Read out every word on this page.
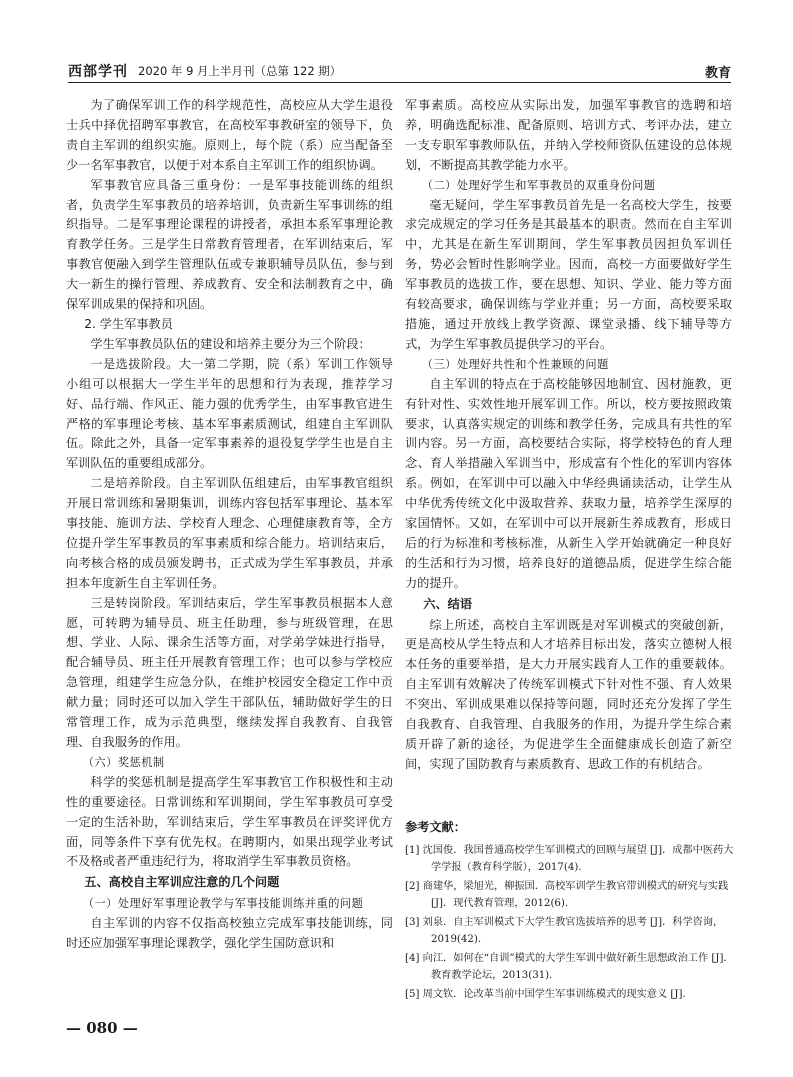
西部学刊 2020 年 9 月上半月刊（总第 122 期）	教育

为了确保军训工作的科学规范性，高校应从大学生退役士兵中择优招聘军事教官，在高校军事教研室的领导下，负责自主军训的组织实施。原则上，每个院（系）应当配备至少一名军事教官，以便于对本系自主军训工作的组织协调。

军事教官应具备三重身份：一是军事技能训练的组织者，负责学生军事教员的培养培训，负责新生军事训练的组织指导。二是军事理论课程的讲授者，承担本系军事理论教育教学任务。三是学生日常教育管理者，在军训结束后，军事教官便融入到学生管理队伍或专兼职辅导员队伍，参与到大一新生的操行管理、养成教育、安全和法制教育之中，确保军训成果的保持和巩固。

2. 学生军事教员

学生军事教员队伍的建设和培养主要分为三个阶段：

一是选拔阶段。大一第二学期，院（系）军训工作领导小组可以根据大一学生半年的思想和行为表现，推荐学习好、品行端、作风正、能力强的优秀学生，由军事教官进生严格的军事理论考核、基本军事素质测试，组建自主军训队伍。除此之外，具备一定军事素养的退役复学学生也是自主军训队伍的重要组成部分。

二是培养阶段。自主军训队伍组建后，由军事教官组织开展日常训练和暑期集训，训练内容包括军事理论、基本军事技能、施训方法、学校育人理念、心理健康教育等，全方位提升学生军事教员的军事素质和综合能力。培训结束后，向考核合格的成员颁发聘书，正式成为学生军事教员，并承担本年度新生自主军训任务。

三是转岗阶段。军训结束后，学生军事教员根据本人意愿，可转聘为辅导员、班主任助理，参与班级管理，在思想、学业、人际、课余生活等方面，对学弟学妹进行指导，配合辅导员、班主任开展教育管理工作；也可以参与学校应急管理，组建学生应急分队，在维护校园安全稳定工作中贡献力量；同时还可以加入学生干部队伍，辅助做好学生的日常管理工作，成为示范典型，继续发挥自我教育、自我管理、自我服务的作用。

（六）奖惩机制

科学的奖惩机制是提高学生军事教官工作积极性和主动性的重要途径。日常训练和军训期间，学生军事教员可享受一定的生活补助，军训结束后，学生军事教员在评奖评优方面，同等条件下享有优先权。在聘期内，如果出现学业考试不及格或者严重违纪行为，将取消学生军事教员资格。

五、高校自主军训应注意的几个问题

（一）处理好军事理论教学与军事技能训练并重的问题

自主军训的内容不仅指高校独立完成军事技能训练，同时还应加强军事理论课教学，强化学生国防意识和

军事素质。高校应从实际出发，加强军事教官的选聘和培养，明确选配标准、配备原则、培训方式、考评办法，建立一支专职军事教师队伍，并纳入学校师资队伍建设的总体规划，不断提高其教学能力水平。

（二）处理好学生和军事教员的双重身份问题

毫无疑问，学生军事教员首先是一名高校大学生，按要求完成规定的学习任务是其最基本的职责。然而在自主军训中，尤其是在新生军训期间，学生军事教员因担负军训任务，势必会暂时性影响学业。因而，高校一方面要做好学生军事教员的选拔工作，要在思想、知识、学业、能力等方面有较高要求，确保训练与学业并重；另一方面，高校要采取措施，通过开放线上教学资源、课堂录播、线下辅导等方式，为学生军事教员提供学习的平台。

（三）处理好共性和个性兼顾的问题

自主军训的特点在于高校能够因地制宜、因材施教，更有针对性、实效性地开展军训工作。所以，校方要按照政策要求，认真落实规定的训练和教学任务，完成具有共性的军训内容。另一方面，高校要结合实际，将学校特色的育人理念、育人举措融入军训当中，形成富有个性化的军训内容体系。例如，在军训中可以融入中华经典诵读活动，让学生从中华优秀传统文化中汲取营养、获取力量，培养学生深厚的家国情怀。又如，在军训中可以开展新生养成教育，形成日后的行为标准和考核标准，从新生入学开始就确定一种良好的生活和行为习惯，培养良好的道德品质，促进学生综合能力的提升。

六、结语

综上所述，高校自主军训既是对军训模式的突破创新，更是高校从学生特点和人才培养目标出发，落实立德树人根本任务的重要举措，是大力开展实践育人工作的重要载体。自主军训有效解决了传统军训模式下针对性不强、育人效果不突出、军训成果难以保持等问题，同时还充分发挥了学生自我教育、自我管理、自我服务的作用，为提升学生综合素质开辟了新的途径，为促进学生全面健康成长创造了新空间，实现了国防教育与素质教育、思政工作的有机结合。

参考文献：
[1] 沈国俊．我国普通高校学生军训模式的回顾与展望 [J]．成都中医药大学学报（教育科学版），2017(4).
[2] 商建华，梁旭光，柳振国．高校军训学生教官带训模式的研究与实践 [J]．现代教育管理，2012(6).
[3] 刘泉．自主军训模式下大学生教官选拔培养的思考 [J]．科学咨询，2019(42).
[4] 向江．如何在“自训”模式的大学生军训中做好新生思想政治工作 [J]．教育教学论坛，2013(31).
[5] 周文钦．论改革当前中国学生军事训练模式的现实意义 [J].
— 080 —
